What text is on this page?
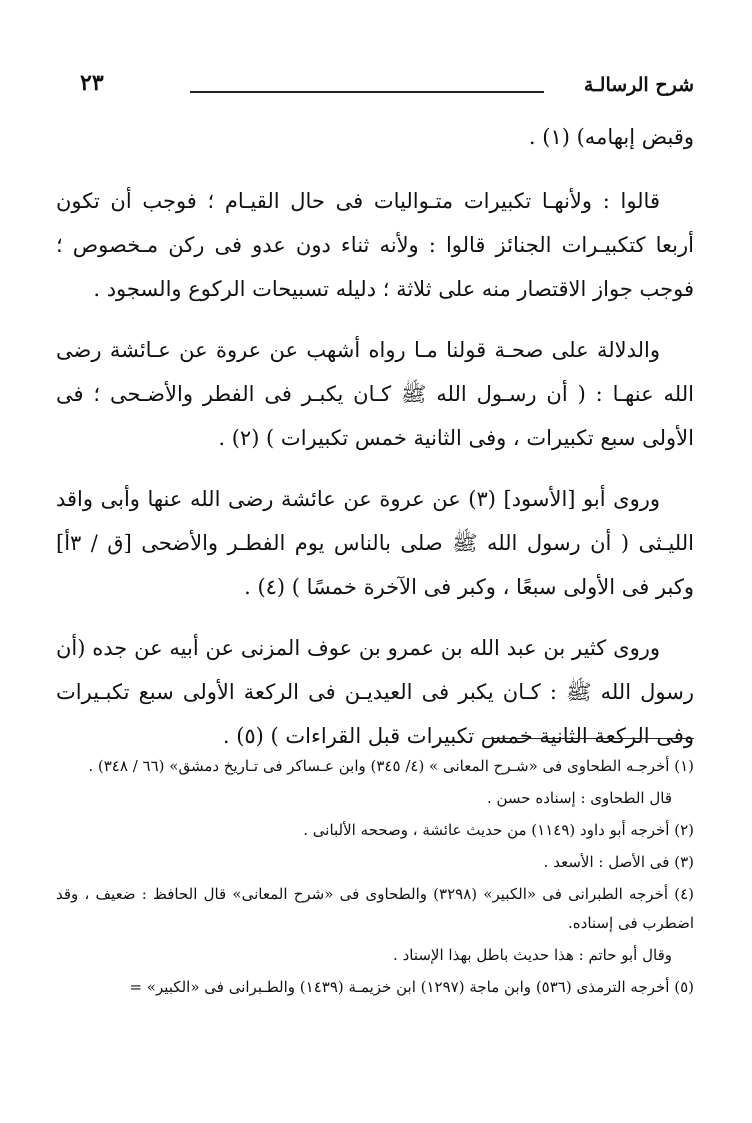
شرح الرسالـة
٢٣

وقبض إبهامه) (١) .

قالوا : ولأنهـا تكبيرات متـواليات فى حال القيـام ؛ فوجب أن تكون أربعا كتكبيـرات الجنائز قالوا : ولأنه ثناء دون عدو فى ركن مـخصوص ؛ فوجب جواز الاقتصار منه على ثلاثة ؛ دليله تسبيحات الركوع والسجود .

والدلالة على صحـة قولنا مـا رواه أشهب عن عروة عن عـائشة رضى الله عنهـا : ( أن رسـول الله ﷺ كـان يكبـر فى الفطر والأضـحى ؛ فى الأولى سبع تكبيرات ، وفى الثانية خمس تكبيرات ) (٢) .

وروى أبو [الأسود] (٣) عن عروة عن عائشة رضى الله عنها وأبى واقد الليـثى ( أن رسول الله ﷺ صلى بالناس يوم الفطـر والأضحى [ق / ٣أ] وكبر فى الأولى سبعًا ، وكبر فى الآخرة خمسًا ) (٤) .

وروى كثير بن عبد الله بن عمرو بن عوف المزنى عن أبيه عن جده (أن رسول الله ﷺ : كـان يكبر فى العيديـن فى الركعة الأولى سبع تكبـيرات وفى الركعة الثانية خمس تكبيرات قبل القراءات ) (٥) .

(١) أخرجـه الطحاوى فى «شـرح المعانى » (٤/ ٣٤٥) وابن عـساكر فى تـاريخ دمشق» (٦٦ / ٣٤٨) .

قال الطحاوى : إسناده حسن .

(٢) أخرجه أبو داود (١١٤٩) من حديث عائشة ، وصححه الألبانى .

(٣) فى الأصل : الأسعد .

(٤) أخرجه الطبرانى فى «الكبير» (٣٢٩٨) والطحاوى فى «شرح المعانى» قال الحافظ : ضعيف ، وقد اضطرب فى إسناده.

وقال أبو حاتم : هذا حديث باطل بهذا الإسناد .

(٥) أخرجه الترمذى (٥٣٦) وابن ماجة (١٢٩٧) ابن خزيمـة (١٤٣٩) والطـبرانى فى «الكبير» =
